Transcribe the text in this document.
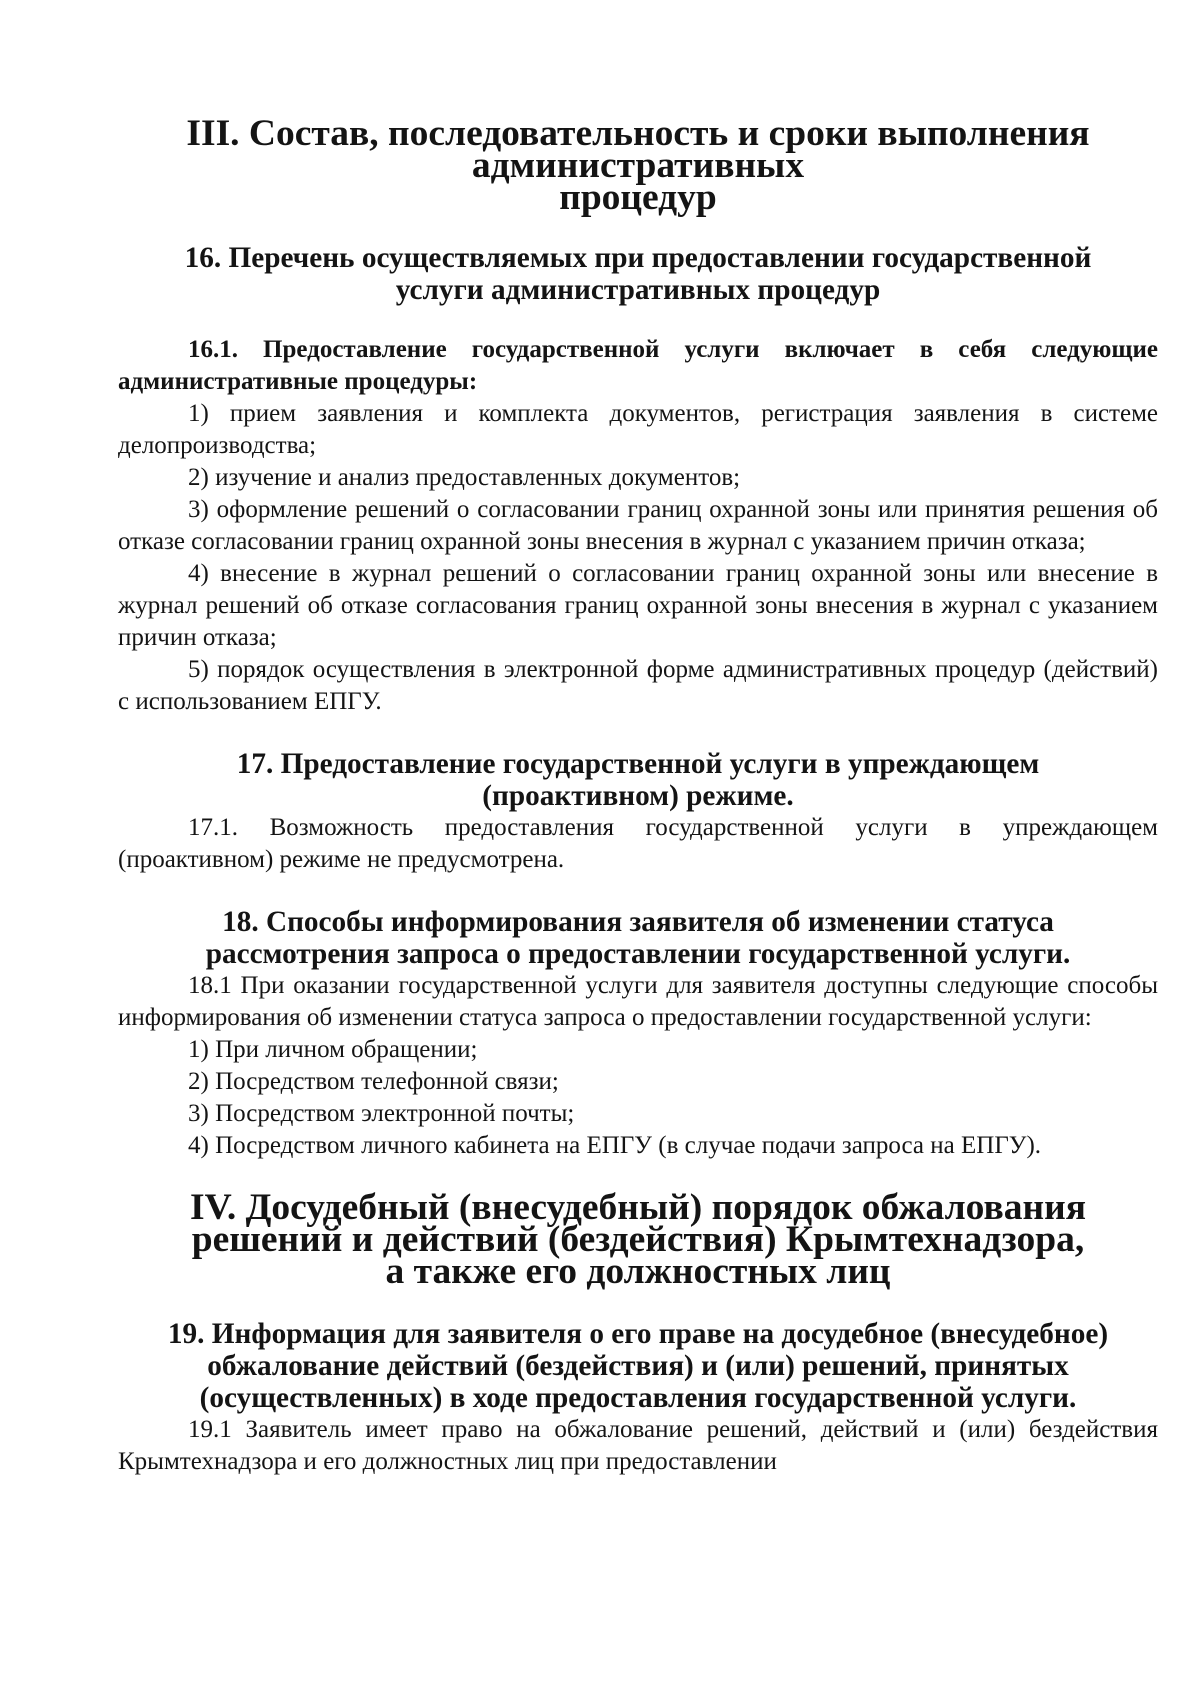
III. Состав, последовательность и сроки выполнения административных
процедур
16. Перечень осуществляемых при предоставлении государственной
услуги административных процедур

16.1. Предоставление государственной услуги включает в себя следующие административные процедуры:

1) прием заявления и комплекта документов, регистрация заявления в системе делопроизводства;

2) изучение и анализ предоставленных документов;

3) оформление решений о согласовании границ охранной зоны или принятия решения об отказе согласовании границ охранной зоны внесения в журнал с указанием причин отказа;

4) внесение в журнал решений о согласовании границ охранной зоны или внесение в журнал решений об отказе согласования границ охранной зоны внесения в журнал с указанием причин отказа;

5) порядок осуществления в электронной форме административных процедур (действий) с использованием ЕПГУ.

17. Предоставление государственной услуги в упреждающем
(проактивном) режиме.

17.1. Возможность предоставления государственной услуги в упреждающем (проактивном) режиме не предусмотрена.

18. Способы информирования заявителя об изменении статуса
рассмотрения запроса о предоставлении государственной услуги.

18.1 При оказании государственной услуги для заявителя доступны следующие способы информирования об изменении статуса запроса о предоставлении государственной услуги:

1) При личном обращении;

2) Посредством телефонной связи;

3) Посредством электронной почты;

4) Посредством личного кабинета на ЕПГУ (в случае подачи запроса на ЕПГУ).

IV. Досудебный (внесудебный) порядок обжалования
решений и действий (бездействия) Крымтехнадзора,
а также его должностных лиц
19. Информация для заявителя о его праве на досудебное (внесудебное)
обжалование действий (бездействия) и (или) решений, принятых
(осуществленных) в ходе предоставления государственной услуги.

19.1 Заявитель имеет право на обжалование решений, действий и (или) бездействия Крымтехнадзора и его должностных лиц при предоставлении
